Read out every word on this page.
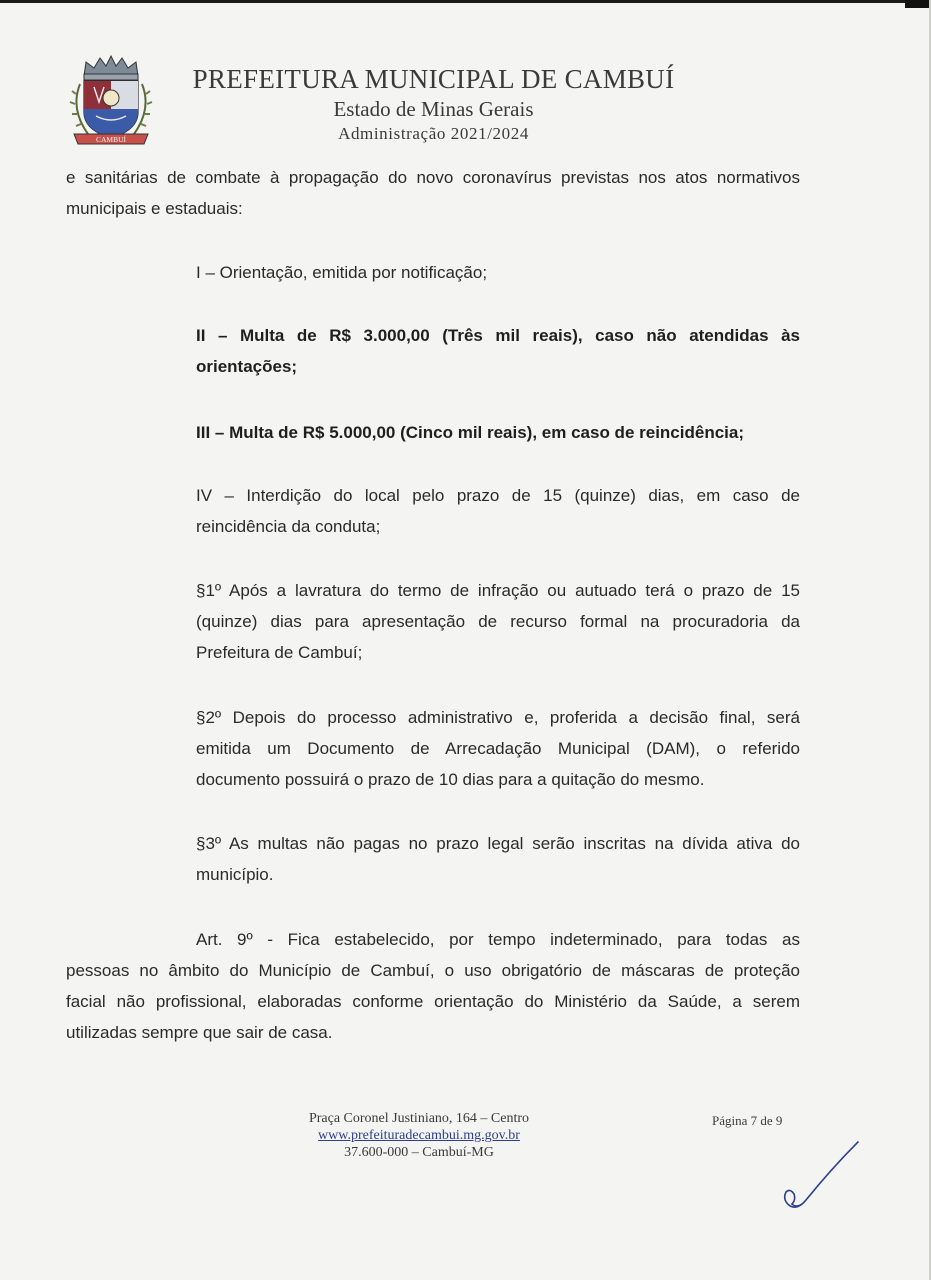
CAMBUÍ
PREFEITURA MUNICIPAL DE CAMBUÍ
Estado de Minas Gerais
Administração 2021/2024
e sanitárias de combate à propagação do novo coronavírus previstas nos atos normativos
municipais e estaduais:
I – Orientação, emitida por notificação;
II – Multa de R$ 3.000,00 (Três mil reais), caso não atendidas às
orientações;
III – Multa de R$ 5.000,00 (Cinco mil reais), em caso de reincidência;
IV – Interdição do local pelo prazo de 15 (quinze) dias, em caso de
reincidência da conduta;
§1º Após a lavratura do termo de infração ou autuado terá o prazo de 15
(quinze) dias para apresentação de recurso formal na procuradoria da
Prefeitura de Cambuí;
§2º Depois do processo administrativo e, proferida a decisão final, será
emitida um Documento de Arrecadação Municipal (DAM), o referido
documento possuirá o prazo de 10 dias para a quitação do mesmo.
§3º As multas não pagas no prazo legal serão inscritas na dívida ativa do
município.
Art. 9º - Fica estabelecido, por tempo indeterminado, para todas as
pessoas no âmbito do Município de Cambuí, o uso obrigatório de máscaras de proteção
facial não profissional, elaboradas conforme orientação do Ministério da Saúde, a serem
utilizadas sempre que sair de casa.
Praça Coronel Justiniano, 164 – Centro
www.prefeituradecambui.mg.gov.br
37.600-000 – Cambuí-MG
Página 7 de 9
